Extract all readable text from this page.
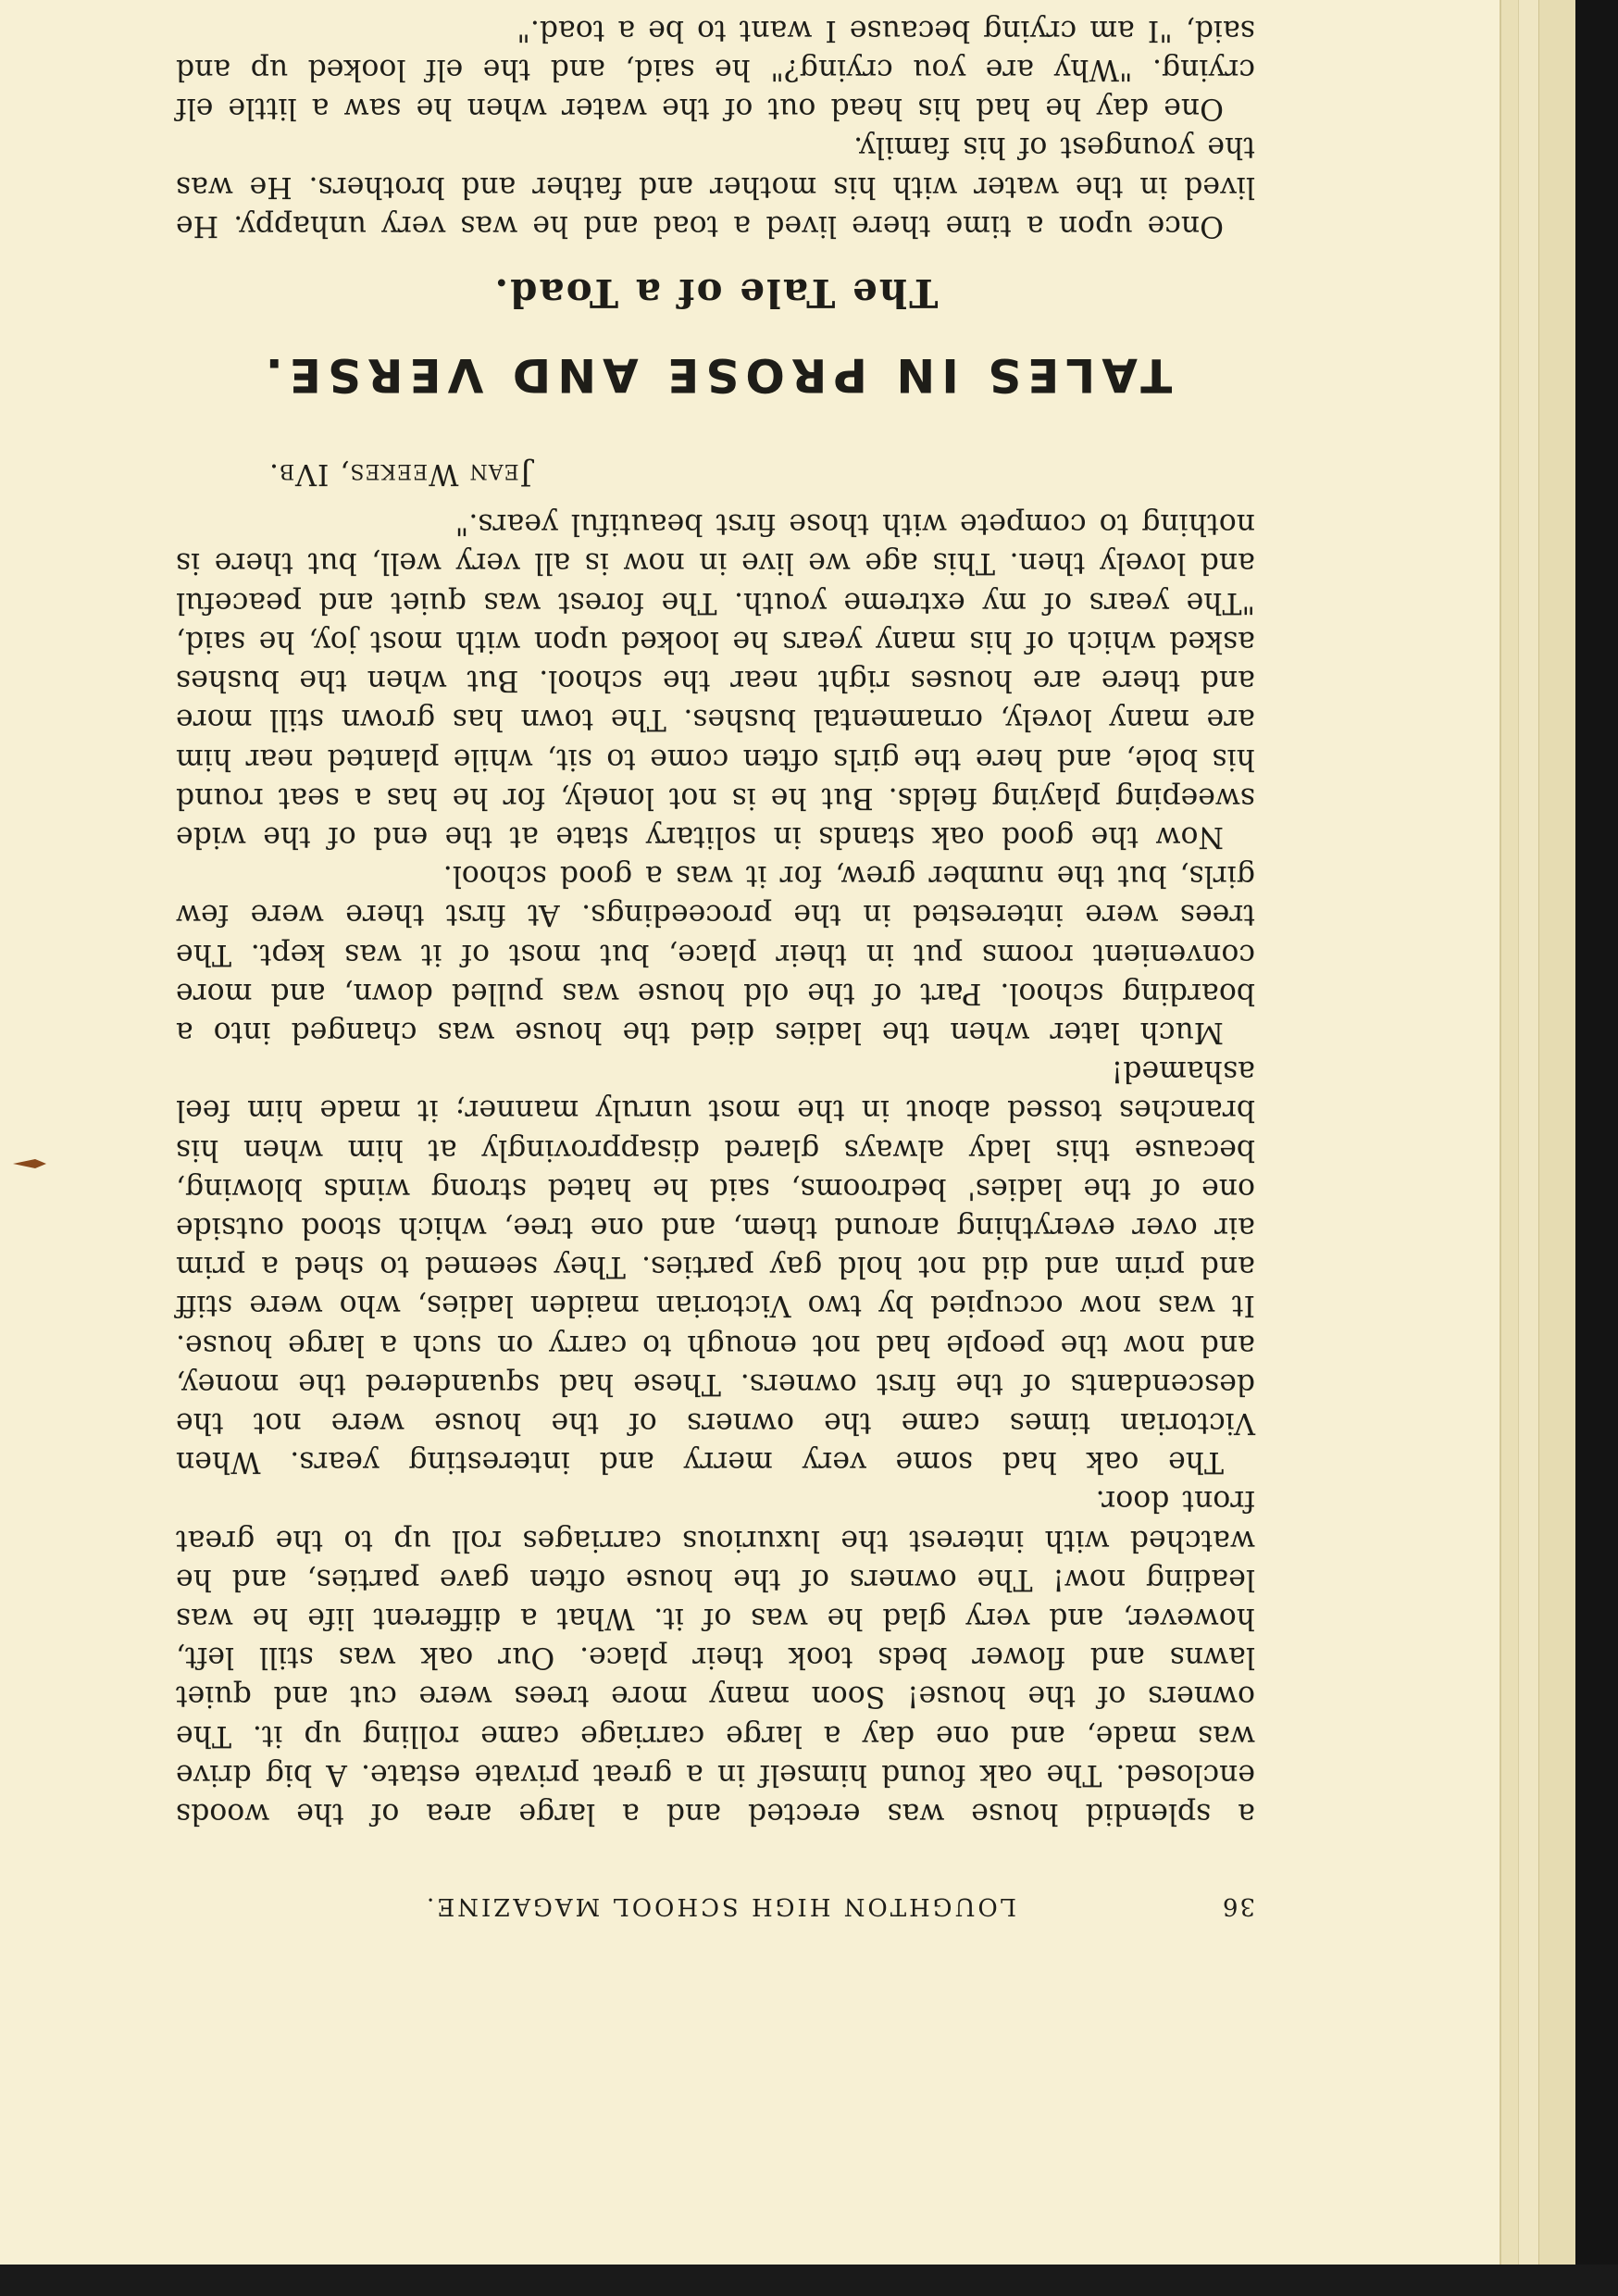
36
LOUGHTON HIGH SCHOOL MAGAZINE.

a splendid house was erected and a large area of the woods enclosed. The oak found himself in a great private estate. A big drive was made, and one day a large carriage came rolling up it. The owners of the house! Soon many more trees were cut and quiet lawns and flower beds took their place. Our oak was still left, however, and very glad he was of it. What a different life he was leading now! The owners of the house often gave parties, and he watched with interest the luxurious carriages roll up to the great front door.

The oak had some very merry and interesting years. When Victorian times came the owners of the house were not the descendants of the first owners. These had squandered the money, and now the people had not enough to carry on such a large house. It was now occupied by two Victorian maiden ladies, who were stiff and prim and did not hold gay parties. They seemed to shed a prim air over everything around them, and one tree, which stood outside one of the ladies' bedrooms, said he hated strong winds blowing, because this lady always glared disapprovingly at him when his branches tossed about in the most unruly manner; it made him feel ashamed!

Much later when the ladies died the house was changed into a boarding school. Part of the old house was pulled down, and more convenient rooms put in their place, but most of it was kept. The trees were interested in the proceedings. At first there were few girls, but the number grew, for it was a good school.

Now the good oak stands in solitary state at the end of the wide sweeping playing fields. But he is not lonely, for he has a seat round his bole, and here the girls often come to sit, while planted near him are many lovely, ornamental bushes. The town has grown still more and there are houses right near the school. But when the bushes asked which of his many years he looked upon with most joy, he said, "The years of my extreme youth. The forest was quiet and peaceful and lovely then. This age we live in now is all very well, but there is nothing to compete with those first beautiful years."

Jean Weekes, IVb.
TALES IN PROSE AND VERSE.
The Tale of a Toad.

Once upon a time there lived a toad and he was very unhappy. He lived in the water with his mother and father and brothers. He was the youngest of his family.

One day he had his head out of the water when he saw a little elf crying. "Why are you crying?" he said, and the elf looked up and said, "I am crying because I want to be a toad."
